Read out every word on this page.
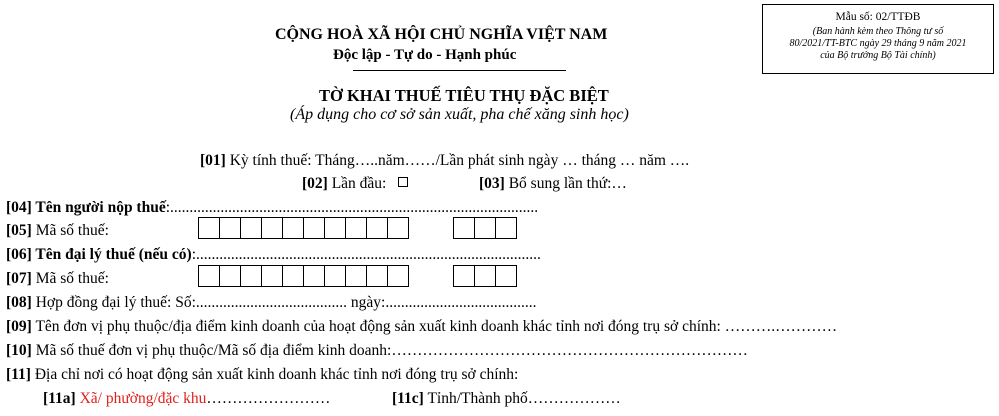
Mẫu số: 02/TTĐB
(Ban hành kèm theo Thông tư số
80/2021/TT-BTC ngày 29 tháng 9 năm 2021
của Bộ trưởng Bộ Tài chính)
CỘNG HOÀ XÃ HỘI CHỦ NGHĨA VIỆT NAM
Độc lập - Tự do - Hạnh phúc
TỜ KHAI THUẾ TIÊU THỤ ĐẶC BIỆT
(Áp dụng cho cơ sở sản xuất, pha chế xăng sinh học)
[01] Kỳ tính thuế: Tháng…..năm……/Lần phát sinh ngày … tháng … năm ….
[02] Lần đầu:	[03] Bổ sung lần thứ:…
[04] Tên người nộp thuế:...............................................................................................
[05] Mã số thuế:
[06] Tên đại lý thuế (nếu có):.........................................................................................
[07] Mã số thuế:
[08] Hợp đồng đại lý thuế: Số:....................................... ngày:.......................................
[09] Tên đơn vị phụ thuộc/địa điểm kinh doanh của hoạt động sản xuất kinh doanh khác tỉnh nơi đóng trụ sở chính: ……….…………
[10] Mã số thuế đơn vị phụ thuộc/Mã số địa điểm kinh doanh:……………………………………………………………
[11] Địa chỉ nơi có hoạt động sản xuất kinh doanh khác tỉnh nơi đóng trụ sở chính:
[11a] Xã/ phường/đặc khu……………………	[11c] Tỉnh/Thành phố………………
